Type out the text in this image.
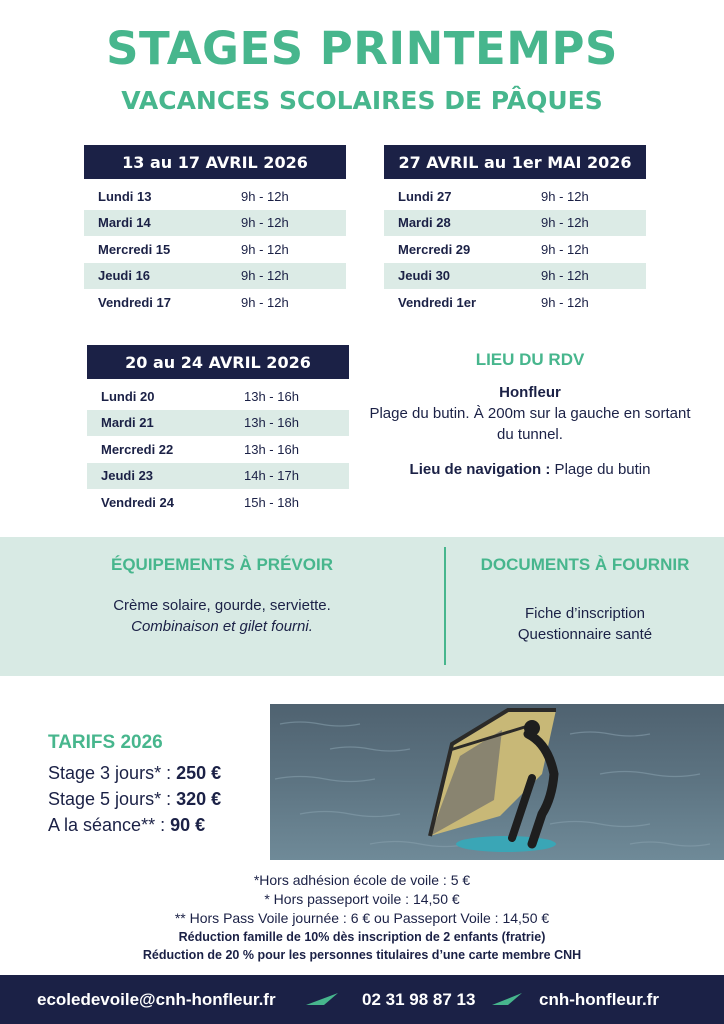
STAGES PRINTEMPS
VACANCES SCOLAIRES DE PÂQUES
13 au 17 AVRIL 2026
Lundi 13	9h - 12h
Mardi 14	9h - 12h
Mercredi 15	9h - 12h
Jeudi 16	9h - 12h
Vendredi 17	9h - 12h
27 AVRIL au 1er MAI 2026
Lundi 27	9h - 12h
Mardi 28	9h - 12h
Mercredi 29	9h - 12h
Jeudi 30	9h - 12h
Vendredi 1er	9h - 12h
20 au 24 AVRIL 2026
Lundi 20	13h - 16h
Mardi 21	13h - 16h
Mercredi 22	13h - 16h
Jeudi 23	14h - 17h
Vendredi 24	15h - 18h
LIEU DU RDV
Honfleur
Plage du butin. À 200m sur la gauche en sortant du tunnel.
Lieu de navigation : Plage du butin
ÉQUIPEMENTS À PRÉVOIR
Crème solaire, gourde, serviette.
Combinaison et gilet fourni.
DOCUMENTS À FOURNIR
Fiche d’inscription
Questionnaire santé
TARIFS 2026
Stage 3 jours* : 250 €
Stage 5 jours* : 320 €
A la séance** : 90 €
*Hors adhésion école de voile : 5 €
* Hors passeport voile : 14,50 €
** Hors Pass Voile journée : 6 € ou Passeport Voile : 14,50 €
Réduction famille de 10% dès inscription de 2 enfants (fratrie)
Réduction de 20 % pour les personnes titulaires d’une carte membre CNH
ecoledevoile@cnh-honfleur.fr	02 31 98 87 13	cnh-honfleur.fr
